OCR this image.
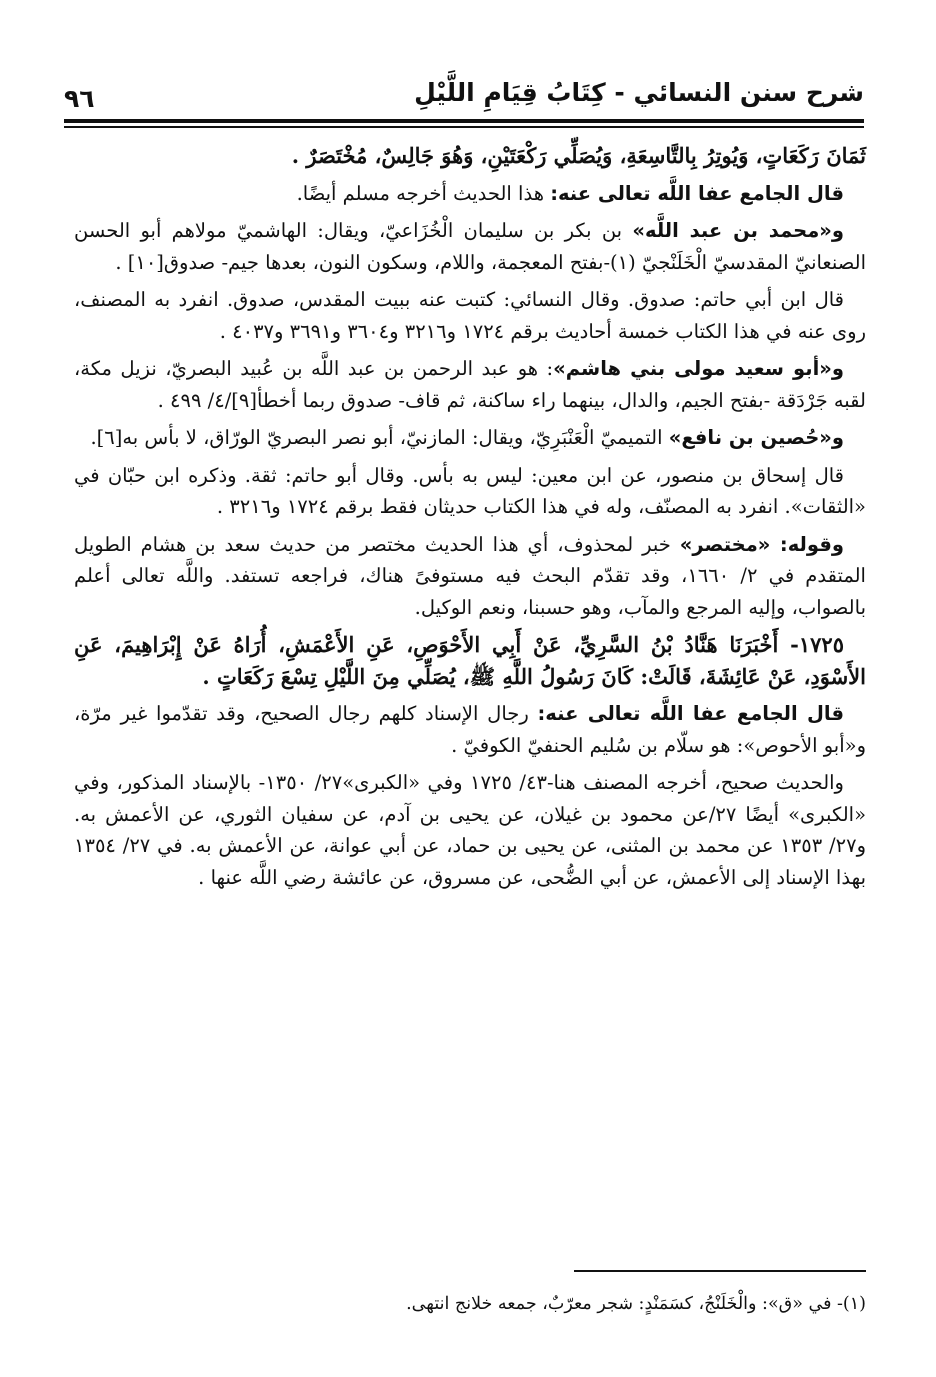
شرح سنن النسائي - كِتَابُ قِيَامِ اللَّيْلِ
٩٦

ثَمَانَ رَكَعَاتٍ، وَيُوتِرُ بِالتَّاسِعَةِ، وَيُصَلِّي رَكْعَتَيْنِ، وَهُوَ جَالِسٌ، مُخْتَصَرٌ .

قال الجامع عفا اللَّه تعالى عنه: هذا الحديث أخرجه مسلم أيضًا.

و«محمد بن عبد اللَّه» بن بكر بن سليمان الْخُزَاعيّ، ويقال: الهاشميّ مولاهم أبو الحسن الصنعانيّ المقدسيّ الْخَلَنْجيّ (١)-بفتح المعجمة، واللام، وسكون النون، بعدها جيم- صدوق[١٠] .

قال ابن أبي حاتم: صدوق. وقال النسائي: كتبت عنه ببيت المقدس، صدوق. انفرد به المصنف، روى عنه في هذا الكتاب خمسة أحاديث برقم ١٧٢٤ و٣٢١٦ و٣٦٠٤ و٣٦٩١ و٤٠٣٧ .

و«أبو سعيد مولى بني هاشم»: هو عبد الرحمن بن عبد اللَّه بن عُبيد البصريّ، نزيل مكة، لقبه جَرْدَقة -بفتح الجيم، والدال، بينهما راء ساكنة، ثم قاف- صدوق ربما أخطأ[٩]/٤/ ٤٩٩ .

و«حُصين بن نافع» التميميّ الْعَنْبَرِيّ، ويقال: المازنيّ، أبو نصر البصريّ الورّاق، لا بأس به[٦].

قال إسحاق بن منصور، عن ابن معين: ليس به بأس. وقال أبو حاتم: ثقة. وذكره ابن حبّان في «الثقات». انفرد به المصنّف، وله في هذا الكتاب حديثان فقط برقم ١٧٢٤ و٣٢١٦ .

وقوله: «مختصر» خبر لمحذوف، أي هذا الحديث مختصر من حديث سعد بن هشام الطويل المتقدم في ٢/ ١٦٦٠، وقد تقدّم البحث فيه مستوفىً هناك، فراجعه تستفد. واللَّه تعالى أعلم بالصواب، وإليه المرجع والمآب، وهو حسبنا، ونعم الوكيل.

١٧٢٥- أَخْبَرَنَا هَنَّادُ بْنُ السَّرِيِّ، عَنْ أَبِي الأَحْوَصِ، عَنِ الأَعْمَشِ، أُرَاهُ عَنْ إِبْرَاهِيمَ، عَنِ الأَسْوَدِ، عَنْ عَائِشَةَ، قَالَتْ: كَانَ رَسُولُ اللَّهِ ﷺ، يُصَلِّي مِنَ اللَّيْلِ تِسْعَ رَكَعَاتٍ .

قال الجامع عفا اللَّه تعالى عنه: رجال الإسناد كلهم رجال الصحيح، وقد تقدّموا غير مرّة، و«أبو الأحوص»: هو سلّام بن سُليم الحنفيّ الكوفيّ .

والحديث صحيح، أخرجه المصنف هنا-٤٣/ ١٧٢٥ وفي «الكبرى»٢٧/ ١٣٥٠- بالإسناد المذكور، وفي «الكبرى» أيضًا ٢٧/عن محمود بن غيلان، عن يحيى بن آدم، عن سفيان الثوري، عن الأعمش به. و٢٧/ ١٣٥٣ عن محمد بن المثنى، عن يحيى بن حماد، عن أبي عوانة، عن الأعمش به. في ٢٧/ ١٣٥٤ بهذا الإسناد إلى الأعمش، عن أبي الضُّحى، عن مسروق، عن عائشة رضي اللَّه عنها .

(١)- في «ق»: والْخَلَنْجُ، كسَمَنْدٍ: شجر معرّبٌ، جمعه خلانج انتهى.
